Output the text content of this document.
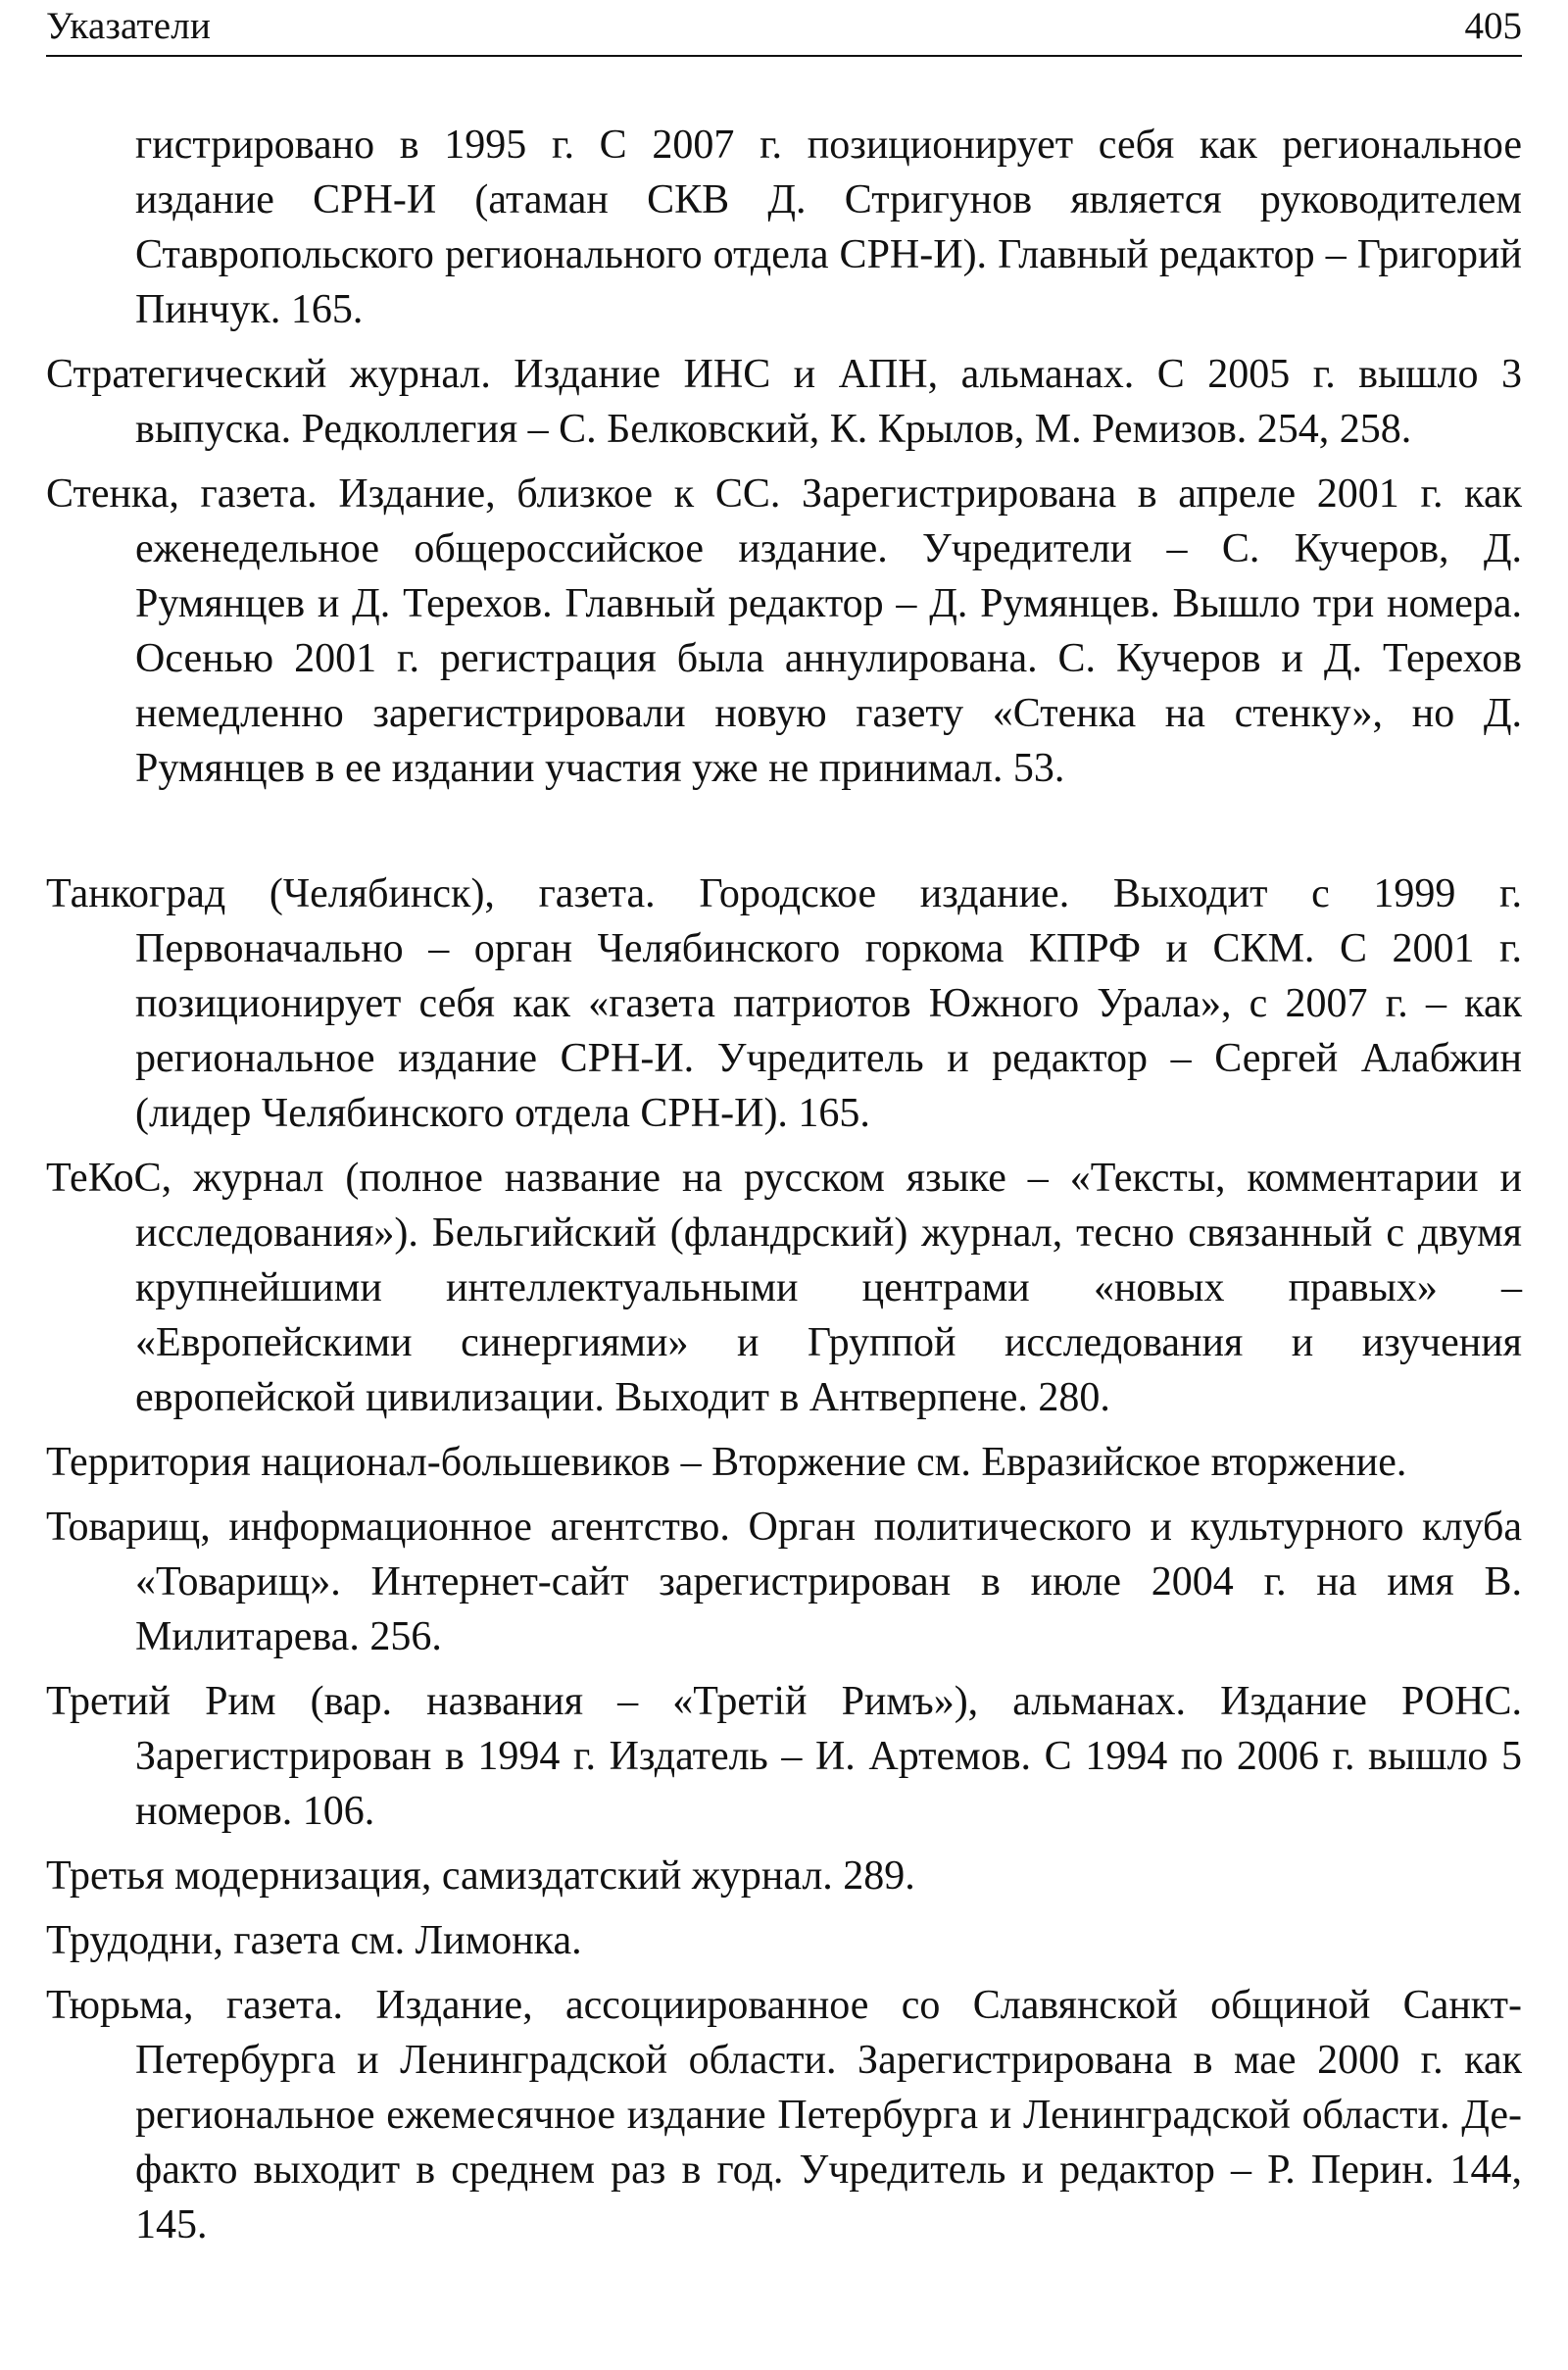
Указатели	405

гистрировано в 1995 г. С 2007 г. позиционирует себя как региональное издание СРН-И (атаман СКВ Д. Стригунов является руководителем Ставропольского регионального отдела СРН-И). Главный редактор – Григорий Пинчук. 165.

Стратегический журнал. Издание ИНС и АПН, альманах. С 2005 г. вышло 3 выпуска. Редколлегия – С. Белковский, К. Крылов, М. Ремизов. 254, 258.

Стенка, газета. Издание, близкое к СС. Зарегистрирована в апреле 2001 г. как еженедельное общероссийское издание. Учредители – С. Кучеров, Д. Румянцев и Д. Терехов. Главный редактор – Д. Румянцев. Вышло три номера. Осенью 2001 г. регистрация была аннулирована. С. Кучеров и Д. Терехов немедленно зарегистрировали новую газету «Стенка на стенку», но Д. Румянцев в ее издании участия уже не принимал. 53.

Танкоград (Челябинск), газета. Городское издание. Выходит с 1999 г. Первоначально – орган Челябинского горкома КПРФ и СКМ. С 2001 г. позиционирует себя как «газета патриотов Южного Урала», с 2007 г. – как региональное издание СРН-И. Учредитель и редактор – Сергей Алабжин (лидер Челябинского отдела СРН-И). 165.

ТеКоС, журнал (полное название на русском языке – «Тексты, комментарии и исследования»). Бельгийский (фландрский) журнал, тесно связанный с двумя крупнейшими интеллектуальными центрами «новых правых» – «Европейскими синергиями» и Группой исследования и изучения европейской цивилизации. Выходит в Антверпене. 280.

Территория национал-большевиков – Вторжение см. Евразийское вторжение.

Товарищ, информационное агентство. Орган политического и культурного клуба «Товарищ». Интернет-сайт зарегистрирован в июле 2004 г. на имя В. Милитарева. 256.

Третий Рим (вар. названия – «Третiй Римъ»), альманах. Издание РОНС. Зарегистрирован в 1994 г. Издатель – И. Артемов. С 1994 по 2006 г. вышло 5 номеров. 106.

Третья модернизация, самиздатский журнал. 289.

Трудодни, газета см. Лимонка.

Тюрьма, газета. Издание, ассоциированное со Славянской общиной Санкт-Петербурга и Ленинградской области. Зарегистрирована в мае 2000 г. как региональное ежемесячное издание Петербурга и Ленинградской области. Де-факто выходит в среднем раз в год. Учредитель и редактор – Р. Перин. 144, 145.
